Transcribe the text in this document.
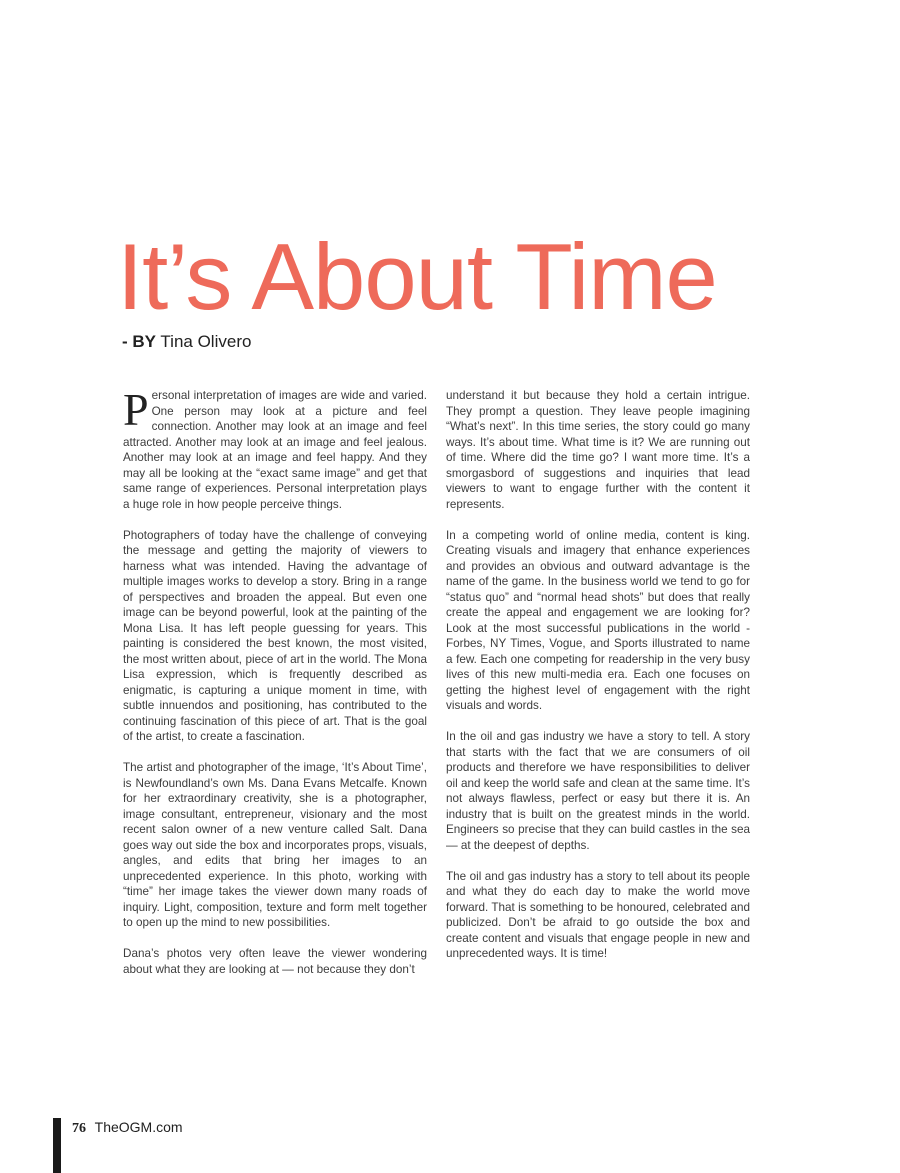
It’s About Time
- BY Tina Olivero

Personal interpretation of images are wide and varied. One person may look at a picture and feel connection. Another may look at an image and feel attracted. Another may look at an image and feel jealous. Another may look at an image and feel happy. And they may all be looking at the “exact same image” and get that same range of experiences. Personal interpretation plays a huge role in how people perceive things.

Photographers of today have the challenge of conveying the message and getting the majority of viewers to harness what was intended. Having the advantage of multiple images works to develop a story. Bring in a range of perspectives and broaden the appeal. But even one image can be beyond powerful, look at the painting of the Mona Lisa. It has left people guessing for years. This painting is considered the best known, the most visited, the most written about, piece of art in the world. The Mona Lisa expression, which is frequently described as enigmatic, is capturing a unique moment in time, with subtle innuendos and positioning, has contributed to the continuing fascination of this piece of art. That is the goal of the artist, to create a fascination.

The artist and photographer of the image, ‘It’s About Time’, is Newfoundland’s own Ms. Dana Evans Metcalfe. Known for her extraordinary creativity, she is a photographer, image consultant, entrepreneur, visionary and the most recent salon owner of a new venture called Salt. Dana goes way out side the box and incorporates props, visuals, angles, and edits that bring her images to an unprecedented experience. In this photo, working with “time” her image takes the viewer down many roads of inquiry. Light, composition, texture and form melt together to open up the mind to new possibilities.

Dana’s photos very often leave the viewer wondering about what they are looking at — not because they don’t

understand it but because they hold a certain intrigue. They prompt a question. They leave people imagining “What’s next”. In this time series, the story could go many ways. It’s about time. What time is it? We are running out of time. Where did the time go? I want more time. It’s a smorgasbord of suggestions and inquiries that lead viewers to want to engage further with the content it represents.

In a competing world of online media, content is king. Creating visuals and imagery that enhance experiences and provides an obvious and outward advantage is the name of the game. In the business world we tend to go for “status quo” and “normal head shots” but does that really create the appeal and engagement we are looking for? Look at the most successful publications in the world - Forbes, NY Times, Vogue, and Sports illustrated to name a few. Each one competing for readership in the very busy lives of this new multi-media era. Each one focuses on getting the highest level of engagement with the right visuals and words.

In the oil and gas industry we have a story to tell. A story that starts with the fact that we are consumers of oil products and therefore we have responsibilities to deliver oil and keep the world safe and clean at the same time. It’s not always flawless, perfect or easy but there it is. An industry that is built on the greatest minds in the world. Engineers so precise that they can build castles in the sea — at the deepest of depths.

The oil and gas industry has a story to tell about its people and what they do each day to make the world move forward. That is something to be honoured, celebrated and publicized. Don’t be afraid to go outside the box and create content and visuals that engage people in new and unprecedented ways. It is time!

76 TheOGM.com
